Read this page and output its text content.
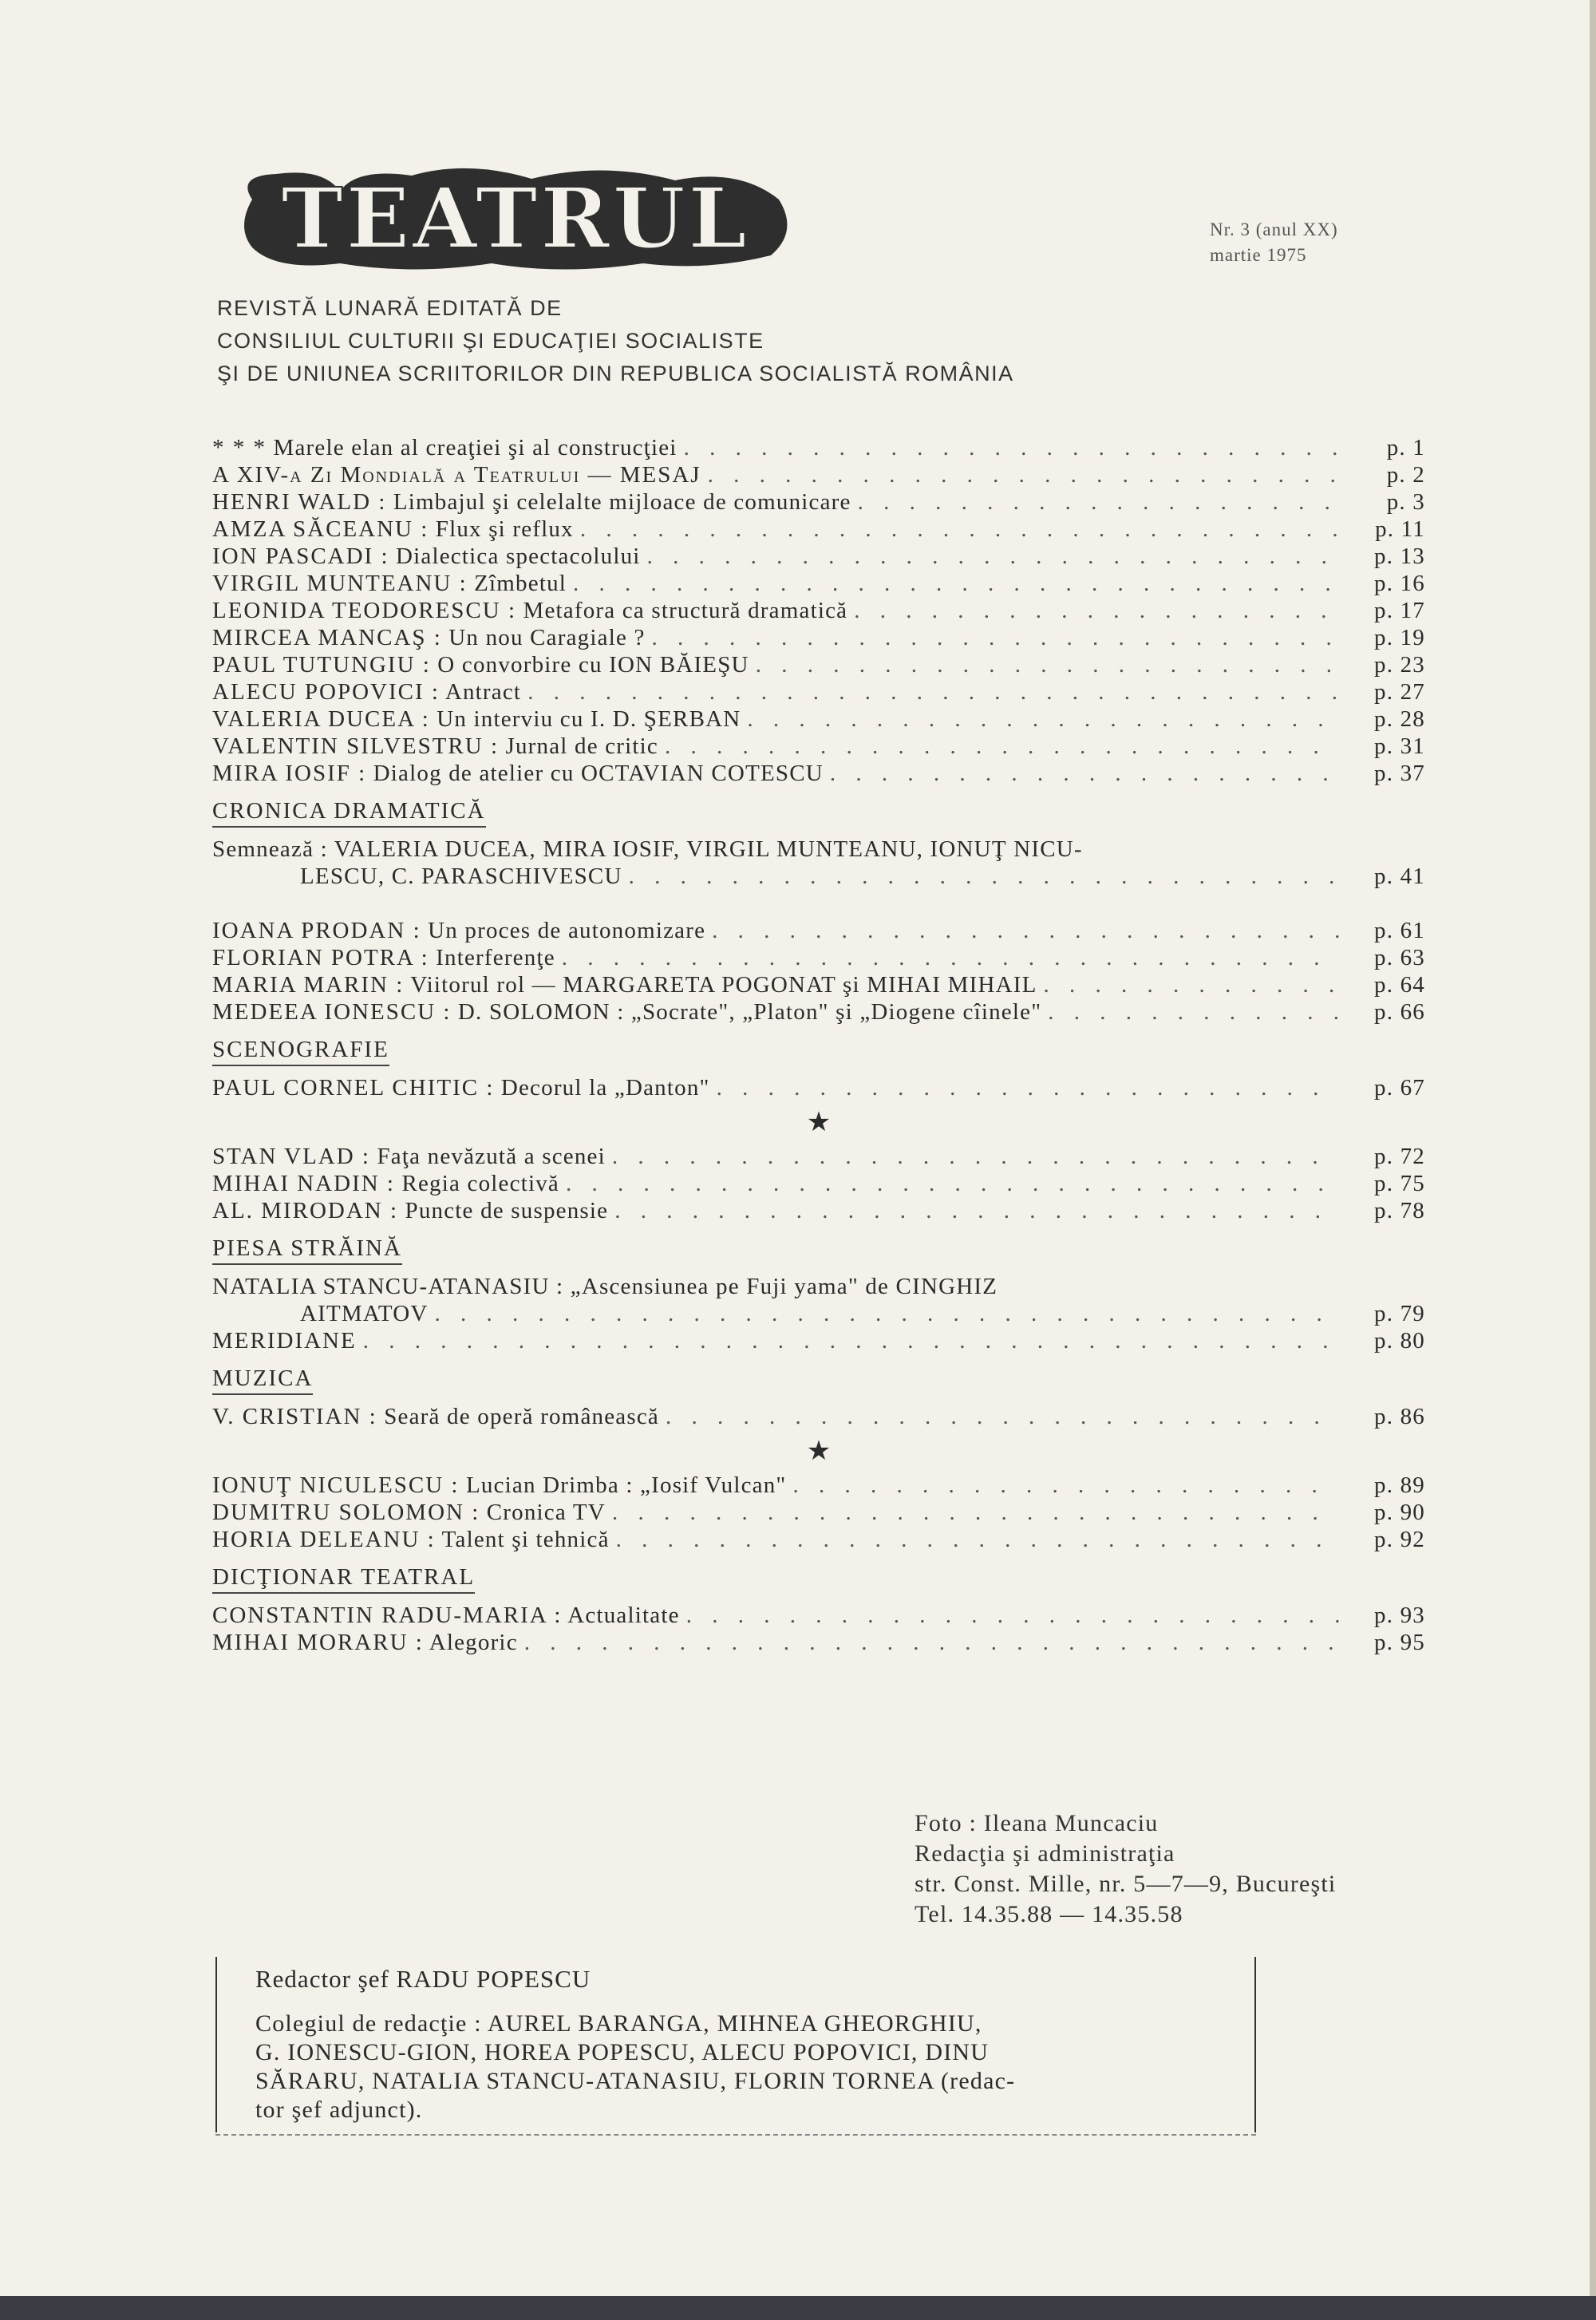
TEATRUL	Nr. 3 (anul XX)
martie 1975
REVISTĂ LUNARĂ EDITATĂ DE
CONSILIUL CULTURII ŞI EDUCAŢIEI SOCIALISTE
ŞI DE UNIUNEA SCRIITORILOR DIN REPUBLICA SOCIALISTĂ ROMÂNIA
* * * Marele elan al creaţiei şi al construcţiei . . .	p. 1
A XIV-a Zi Mondială a Teatrului — MESAJ . . .	p. 2
HENRI WALD : Limbajul şi celelalte mijloace de comunicare . . .	p. 3
AMZA SĂCEANU : Flux şi reflux . . .	p. 11
ION PASCADI : Dialectica spectacolului . . .	p. 13
VIRGIL MUNTEANU : Zîmbetul . . .	p. 16
LEONIDA TEODORESCU : Metafora ca structură dramatică . . .	p. 17
MIRCEA MANCAŞ : Un nou Caragiale ? . . .	p. 19
PAUL TUTUNGIU : O convorbire cu ION BĂIEŞU . . .	p. 23
ALECU POPOVICI : Antract . . .	p. 27
VALERIA DUCEA : Un interviu cu I. D. ŞERBAN . . .	p. 28
VALENTIN SILVESTRU : Jurnal de critic . . .	p. 31
MIRA IOSIF : Dialog de atelier cu OCTAVIAN COTESCU . . .	p. 37
CRONICA DRAMATICĂ
Semnează : VALERIA DUCEA, MIRA IOSIF, VIRGIL MUNTEANU, IONUŢ NICU-
LESCU, C. PARASCHIVESCU . . .	p. 41
IOANA PRODAN : Un proces de autonomizare . . .	p. 61
FLORIAN POTRA : Interferenţe . . .	p. 63
MARIA MARIN : Viitorul rol — MARGARETA POGONAT şi MIHAI MIHAIL . . .	p. 64
MEDEEA IONESCU : D. SOLOMON : „Socrate", „Platon" şi „Diogene cîinele" . . .	p. 66
SCENOGRAFIE
PAUL CORNEL CHITIC : Decorul la „Danton" . . .	p. 67
★
STAN VLAD : Faţa nevăzută a scenei . . .	p. 72
MIHAI NADIN : Regia colectivă . . .	p. 75
AL. MIRODAN : Puncte de suspensie . . .	p. 78
PIESA STRĂINĂ
NATALIA STANCU-ATANASIU : „Ascensiunea pe Fuji yama" de CINGHIZ
AITMATOV . . .	p. 79
MERIDIANE . . .	p. 80
MUZICA
V. CRISTIAN : Seară de operă românească . . .	p. 86
★
IONUŢ NICULESCU : Lucian Drimba : „Iosif Vulcan" . . .	p. 89
DUMITRU SOLOMON : Cronica TV . . .	p. 90
HORIA DELEANU : Talent şi tehnică . . .	p. 92
DICŢIONAR TEATRAL
CONSTANTIN RADU-MARIA : Actualitate . . .	p. 93
MIHAI MORARU : Alegoric . . .	p. 95
Foto : Ileana Muncaciu
Redacţia şi administraţia
str. Const. Mille, nr. 5—7—9, Bucureşti
Tel. 14.35.88 — 14.35.58
Redactor şef RADU POPESCU
Colegiul de redacţie : AUREL BARANGA, MIHNEA GHEORGHIU,
G. IONESCU-GION, HOREA POPESCU, ALECU POPOVICI, DINU
SĂRARU, NATALIA STANCU-ATANASIU, FLORIN TORNEA (redac-
tor şef adjunct).
